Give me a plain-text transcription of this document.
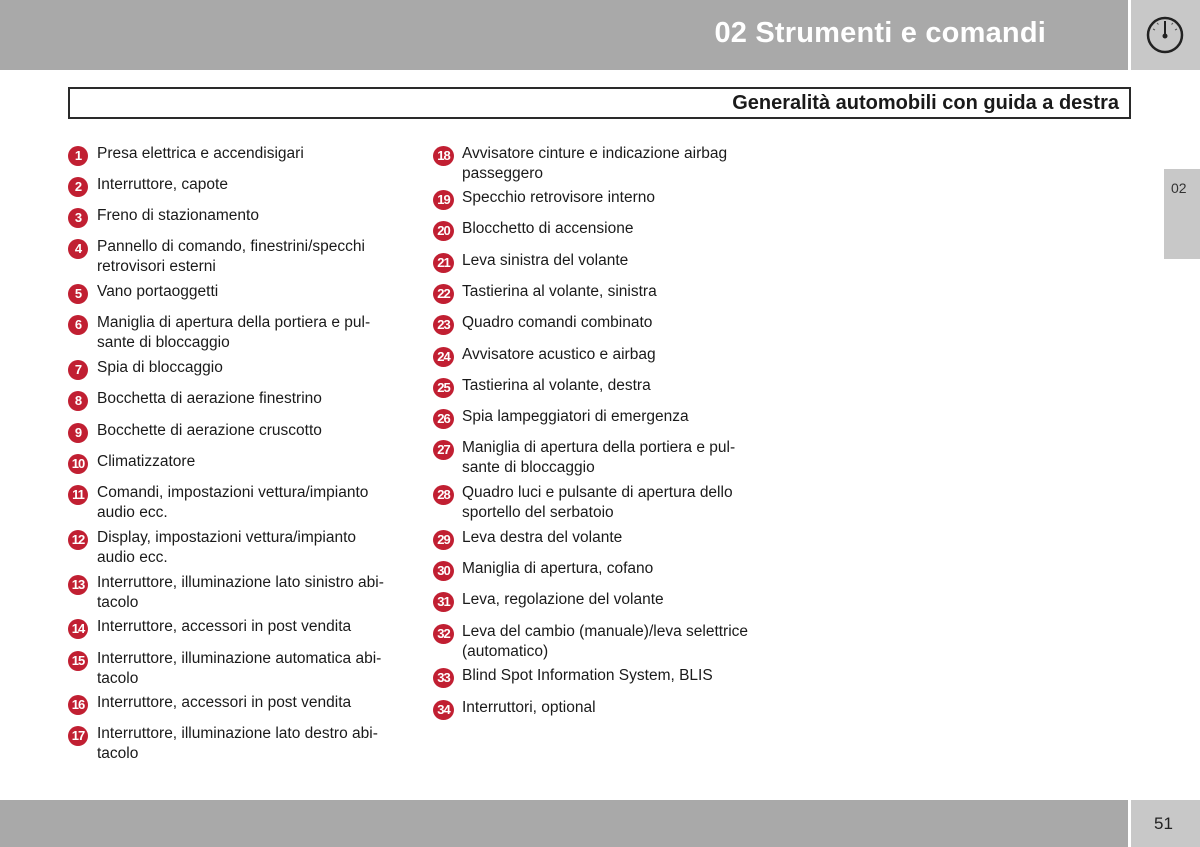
02 Strumenti e comandi
Generalità automobili con guida a destra
02
1	Presa elettrica e accendisigari
2	Interruttore, capote
3	Freno di stazionamento
4	Pannello di comando, finestrini/specchi retrovisori esterni
5	Vano portaoggetti
6	Maniglia di apertura della portiera e pul-sante di bloccaggio
7	Spia di bloccaggio
8	Bocchetta di aerazione finestrino
9	Bocchette di aerazione cruscotto
10 Climatizzatore
11 Comandi, impostazioni vettura/impianto audio ecc.
12 Display, impostazioni vettura/impianto audio ecc.
13 Interruttore, illuminazione lato sinistro abi-tacolo
14 Interruttore, accessori in post vendita
15 Interruttore, illuminazione automatica abi-tacolo
16 Interruttore, accessori in post vendita
17 Interruttore, illuminazione lato destro abi-tacolo
18 Avvisatore cinture e indicazione airbag passeggero
19 Specchio retrovisore interno
20 Blocchetto di accensione
21 Leva sinistra del volante
22 Tastierina al volante, sinistra
23 Quadro comandi combinato
24 Avvisatore acustico e airbag
25 Tastierina al volante, destra
26 Spia lampeggiatori di emergenza
27 Maniglia di apertura della portiera e pul-sante di bloccaggio
28 Quadro luci e pulsante di apertura dello sportello del serbatoio
29 Leva destra del volante
30 Maniglia di apertura, cofano
31 Leva, regolazione del volante
32 Leva del cambio (manuale)/leva selettrice (automatico)
33 Blind Spot Information System, BLIS
34 Interruttori, optional

51
